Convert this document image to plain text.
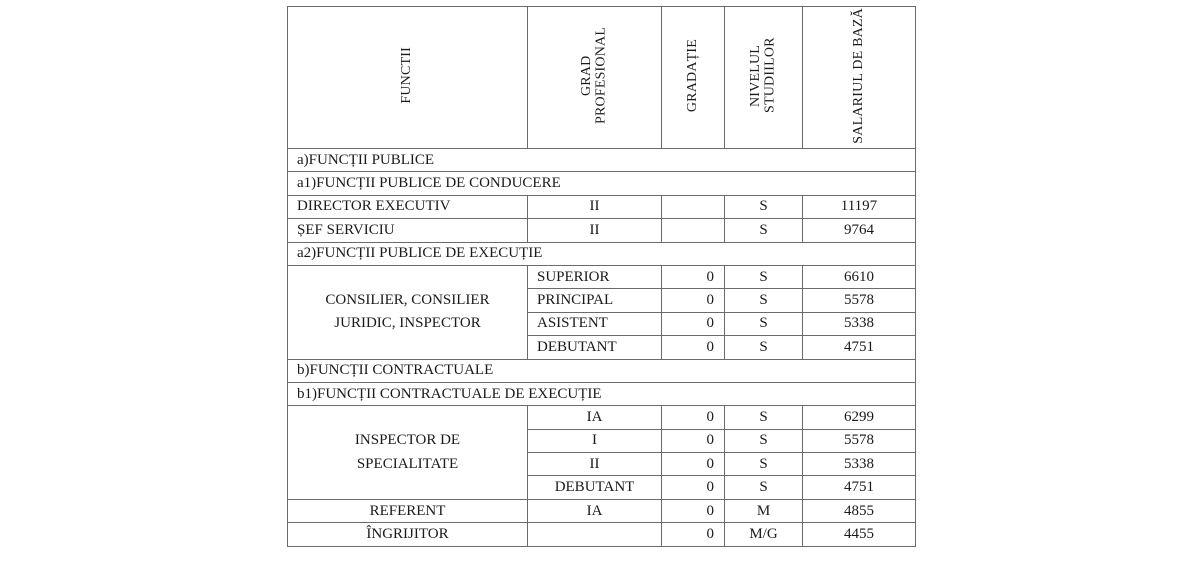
FUNCTII	GRAD PROFESIONAL	GRADAȚIE	NIVELUL STUDIILOR	SALARIUL DE BAZĂ
a)FUNCȚII PUBLICE				
a1)FUNCȚII PUBLICE DE CONDUCERE				
DIRECTOR EXECUTIV	II		S	11197
ȘEF SERVICIU	II		S	9764
a2)FUNCȚII PUBLICE DE EXECUȚIE				
CONSILIER, CONSILIER
JURIDIC, INSPECTOR	SUPERIOR	0	S	6610
	PRINCIPAL	0	S	5578
	ASISTENT	0	S	5338
	DEBUTANT	0	S	4751
b)FUNCȚII CONTRACTUALE				
b1)FUNCȚII CONTRACTUALE DE EXECUȚIE				
INSPECTOR DE
SPECIALITATE	IA	0	S	6299
	I	0	S	5578
	II	0	S	5338
	DEBUTANT	0	S	4751
REFERENT	IA	0	M	4855
ÎNGRIJITOR		0	M/G	4455
